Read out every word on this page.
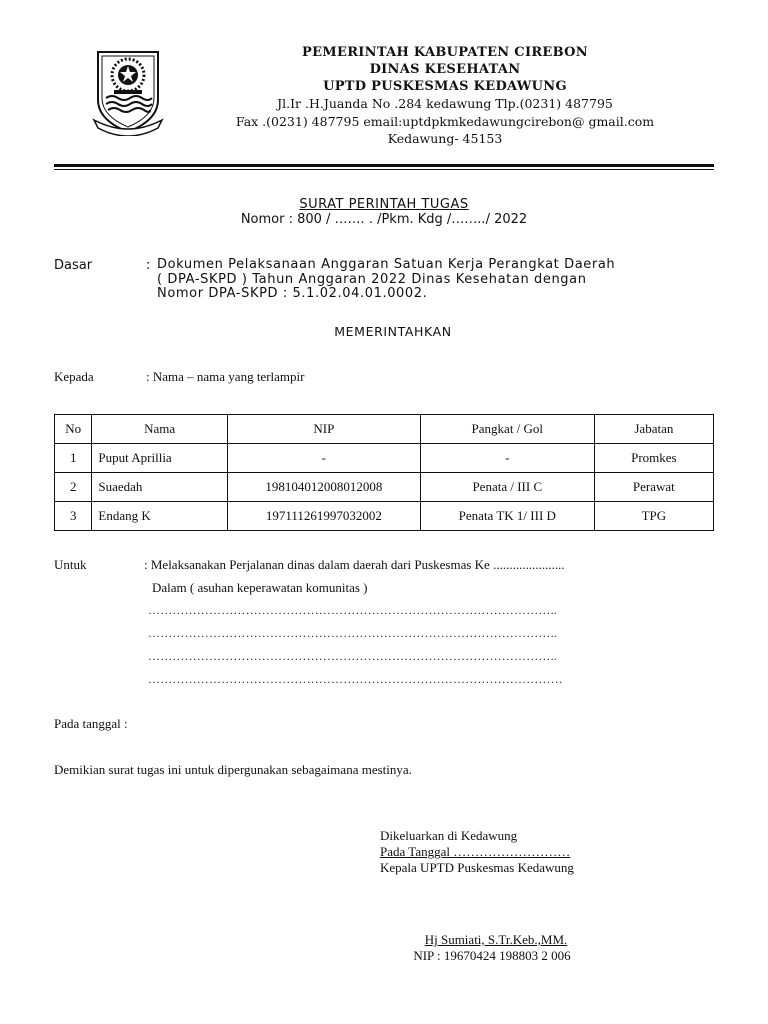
PEMERINTAH KABUPATEN CIREBON
DINAS KESEHATAN
UPTD PUSKESMAS KEDAWUNG
Jl.Ir .H.Juanda No .284 kedawung Tlp.(0231) 487795
Fax .(0231) 487795 email:uptdpkmkedawungcirebon@ gmail.com
Kedawung- 45153
SURAT PERINTAH TUGAS
Nomor : 800 / ……. . /Pkm. Kdg /……../ 2022
Dasar	: Dokumen Pelaksanaan Anggaran Satuan Kerja Perangkat Daerah
( DPA-SKPD ) Tahun Anggaran 2022 Dinas Kesehatan dengan
Nomor DPA-SKPD : 5.1.02.04.01.0002.
MEMERINTAHKAN
Kepada	: Nama – nama yang terlampir
No	Nama	NIP	Pangkat / Gol	Jabatan
1	Puput Aprillia	-	-	Promkes
2	Suaedah	198104012008012008	Penata / III C	Perawat
3	Endang K	197111261997032002	Penata TK 1/ III D	TPG
Untuk	: Melaksanakan Perjalanan dinas dalam daerah dari Puskesmas Ke ......................
Dalam ( asuhan keperawatan komunitas )
………………………………………………………………………………………..
………………………………………………………………………………………..
………………………………………………………………………………………..
…………………………………………………………………………………………
Pada tanggal :
Demikian surat tugas ini untuk dipergunakan sebagaimana mestinya.
Dikeluarkan di Kedawung
Pada Tanggal ………………………
Kepala UPTD Puskesmas Kedawung
Hj Sumiati, S.Tr.Keb.,MM.
NIP : 19670424 198803 2 006
